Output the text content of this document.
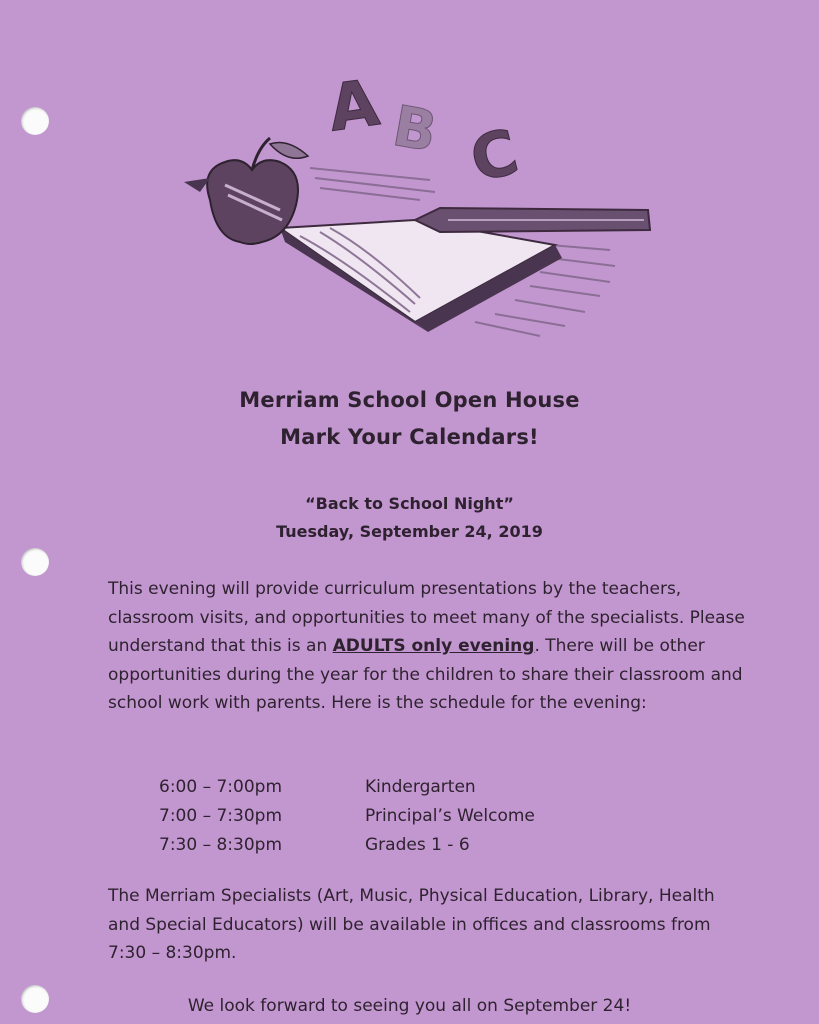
A B C
Merriam School Open House
Mark Your Calendars!
“Back to School Night”
Tuesday, September 24, 2019

This evening will provide curriculum presentations by the teachers, classroom visits, and opportunities to meet many of the specialists. Please understand that this is an ADULTS only evening. There will be other opportunities during the year for the children to share their classroom and school work with parents. Here is the schedule for the evening:

6:00 – 7:00pm	Kindergarten
7:00 – 7:30pm	Principal’s Welcome
7:30 – 8:30pm	Grades 1 - 6

The Merriam Specialists (Art, Music, Physical Education, Library, Health and Special Educators) will be available in offices and classrooms from 7:30 – 8:30pm.

We look forward to seeing you all on September 24!
